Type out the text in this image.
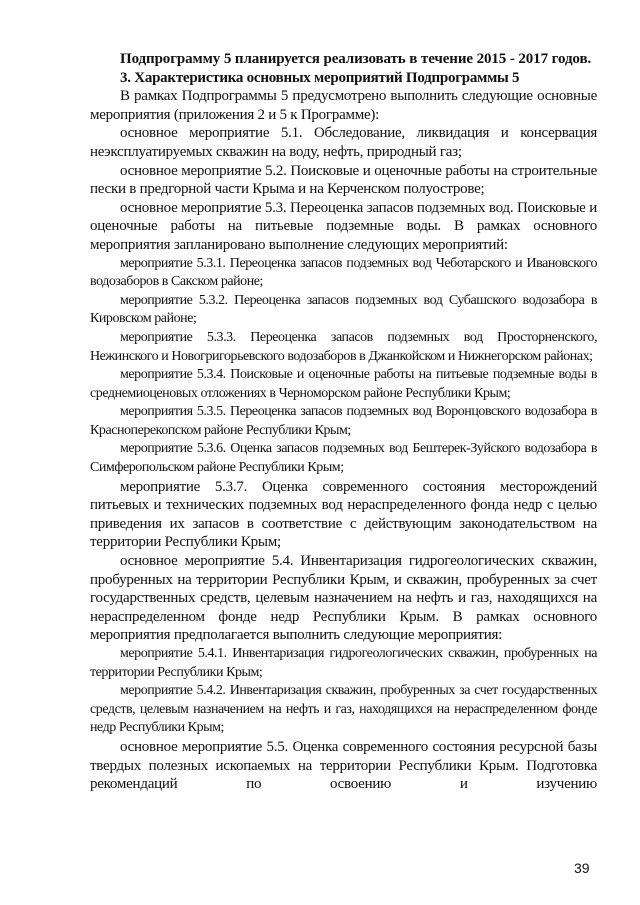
Подпрограмму 5 планируется реализовать в течение 2015 - 2017 годов.

3. Характеристика основных мероприятий Подпрограммы 5

В рамках Подпрограммы 5 предусмотрено выполнить следующие основные мероприятия (приложения 2 и 5 к Программе):

основное мероприятие 5.1. Обследование, ликвидация и консервация неэксплуатируемых скважин на воду, нефть, природный газ;

основное мероприятие 5.2. Поисковые и оценочные работы на строительные пески в предгорной части Крыма и на Керченском полуострове;

основное мероприятие 5.3. Переоценка запасов подземных вод. Поисковые и оценочные работы на питьевые подземные воды. В рамках основного мероприятия запланировано выполнение следующих мероприятий:

мероприятие 5.3.1. Переоценка запасов подземных вод Чеботарского и Ивановского водозаборов в Сакском районе;

мероприятие 5.3.2. Переоценка запасов подземных вод Субашского водозабора в Кировском районе;

мероприятие 5.3.3. Переоценка запасов подземных вод Просторненского, Нежинского и Новогригорьевского водозаборов в Джанкойском и Нижнегорском районах;

мероприятие 5.3.4. Поисковые и оценочные работы на питьевые подземные воды в среднемиоценовых отложениях в Черноморском районе Республики Крым;

мероприятия 5.3.5. Переоценка запасов подземных вод Воронцовского водозабора в Красноперекопском районе Республики Крым;

мероприятие 5.3.6. Оценка запасов подземных вод Бештерек-Зуйского водозабора в Симферопольском районе Республики Крым;

мероприятие 5.3.7. Оценка современного состояния месторождений питьевых и технических подземных вод нераспределенного фонда недр с целью приведения их запасов в соответствие с действующим законодательством на территории Республики Крым;

основное мероприятие 5.4. Инвентаризация гидрогеологических скважин, пробуренных на территории Республики Крым, и скважин, пробуренных за счет государственных средств, целевым назначением на нефть и газ, находящихся на нераспределенном фонде недр Республики Крым. В рамках основного мероприятия предполагается выполнить следующие мероприятия:

мероприятие 5.4.1. Инвентаризация гидрогеологических скважин, пробуренных на территории Республики Крым;

мероприятие 5.4.2. Инвентаризация скважин, пробуренных за счет государственных средств, целевым назначением на нефть и газ, находящихся на нераспределенном фонде недр Республики Крым;

основное мероприятие 5.5. Оценка современного состояния ресурсной базы твердых полезных ископаемых на территории Республики Крым. Подготовка рекомендаций по освоению и изучению

39
